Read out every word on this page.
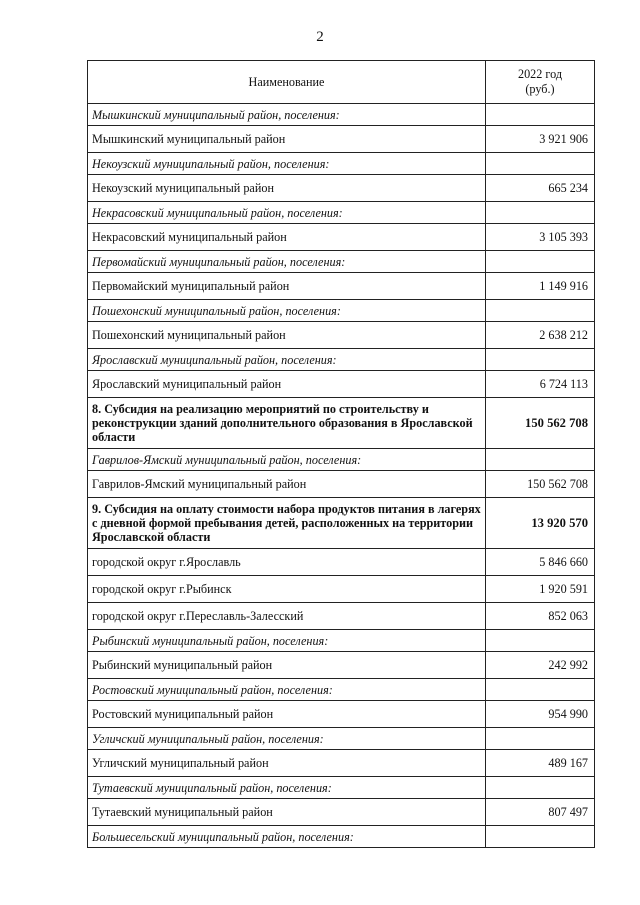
2
Наименование	2022 год
(руб.)

Мышкинский муниципальный район, поселения:	
Мышкинский муниципальный район	3 921 906
Некоузский муниципальный район, поселения:	
Некоузский муниципальный район	665 234
Некрасовский муниципальный район, поселения:	
Некрасовский муниципальный район	3 105 393
Первомайский муниципальный район, поселения:	
Первомайский муниципальный район	1 149 916
Пошехонский муниципальный район, поселения:	
Пошехонский муниципальный район	2 638 212
Ярославский муниципальный район, поселения:	
Ярославский муниципальный район	6 724 113
8. Субсидия на реализацию мероприятий по строительству и реконструкции зданий дополнительного образования в Ярославской области	150 562 708
Гаврилов-Ямский муниципальный район, поселения:	
Гаврилов-Ямский муниципальный район	150 562 708
9. Субсидия на оплату стоимости набора продуктов питания в лагерях с дневной формой пребывания детей, расположенных на территории Ярославской области	13 920 570
городской округ г.Ярославль	5 846 660
городской округ г.Рыбинск	1 920 591
городской округ г.Переславль-Залесский	852 063
Рыбинский муниципальный район, поселения:	
Рыбинский муниципальный район	242 992
Ростовский муниципальный район, поселения:	
Ростовский муниципальный район	954 990
Угличский муниципальный район, поселения:	
Угличский муниципальный район	489 167
Тутаевский муниципальный район, поселения:	
Тутаевский муниципальный район	807 497
Большесельский муниципальный район, поселения:	
